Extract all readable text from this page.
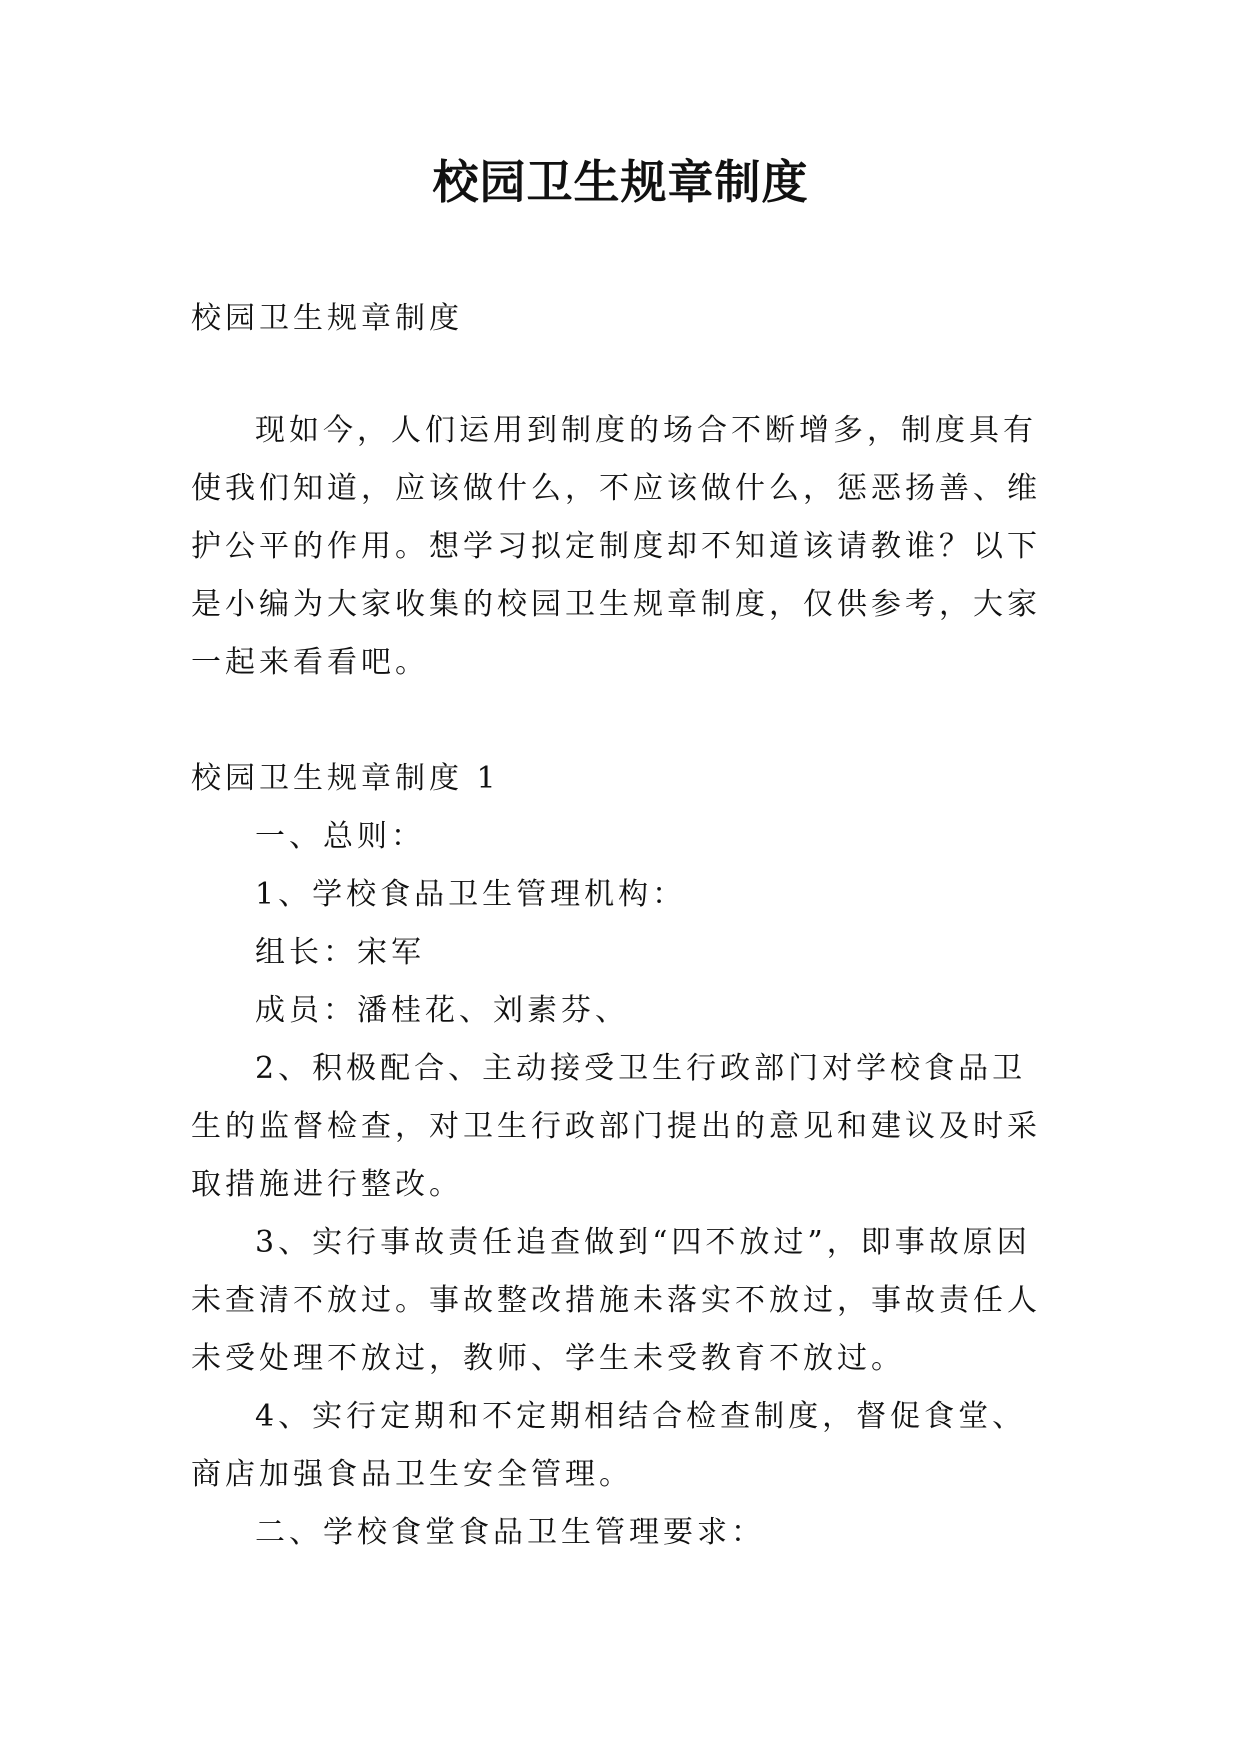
校园卫生规章制度
校园卫生规章制度

现如今，人们运用到制度的场合不断增多，制度具有使我们知道，应该做什么，不应该做什么，惩恶扬善、维护公平的作用。想学习拟定制度却不知道该请教谁？以下是小编为大家收集的校园卫生规章制度，仅供参考，大家一起来看看吧。

校园卫生规章制度 1

一、总则：

1、学校食品卫生管理机构：

组长：宋军

成员：潘桂花、刘素芬、

2、积极配合、主动接受卫生行政部门对学校食品卫生的监督检查，对卫生行政部门提出的意见和建议及时采取措施进行整改。

3、实行事故责任追查做到“四不放过”，即事故原因未查清不放过。事故整改措施未落实不放过，事故责任人未受处理不放过，教师、学生未受教育不放过。

4、实行定期和不定期相结合检查制度，督促食堂、商店加强食品卫生安全管理。

二、学校食堂食品卫生管理要求：
